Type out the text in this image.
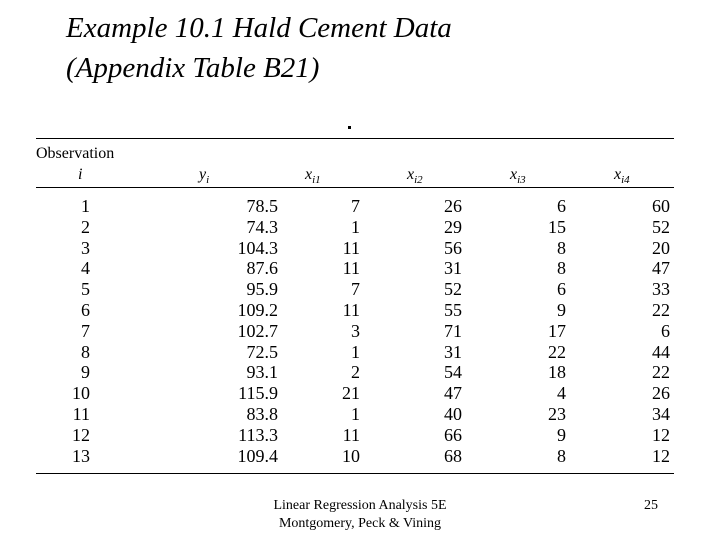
Example 10.1 Hald Cement Data
(Appendix Table B21)
Observation
i	$y_i$	$x_{i1}$	$x_{i2}$	$x_{i3}$	$x_{i4}$
1	78.5	7	26	6	60	
2	74.3	1	29	15	52	
3	104.3	11	56	8	20	
4	87.6	11	31	8	47	
5	95.9	7	52	6	33	
6	109.2	11	55	9	22	
7	102.7	3	71	17	6	
8	72.5	1	31	22	44	
9	93.1	2	54	18	22	
10	115.9	21	47	4	26	
11	83.8	1	40	23	34	
12	113.3	11	66	9	12	
13	109.4	10	68	8	12	
Linear Regression Analysis 5E
Montgomery, Peck & Vining
25
